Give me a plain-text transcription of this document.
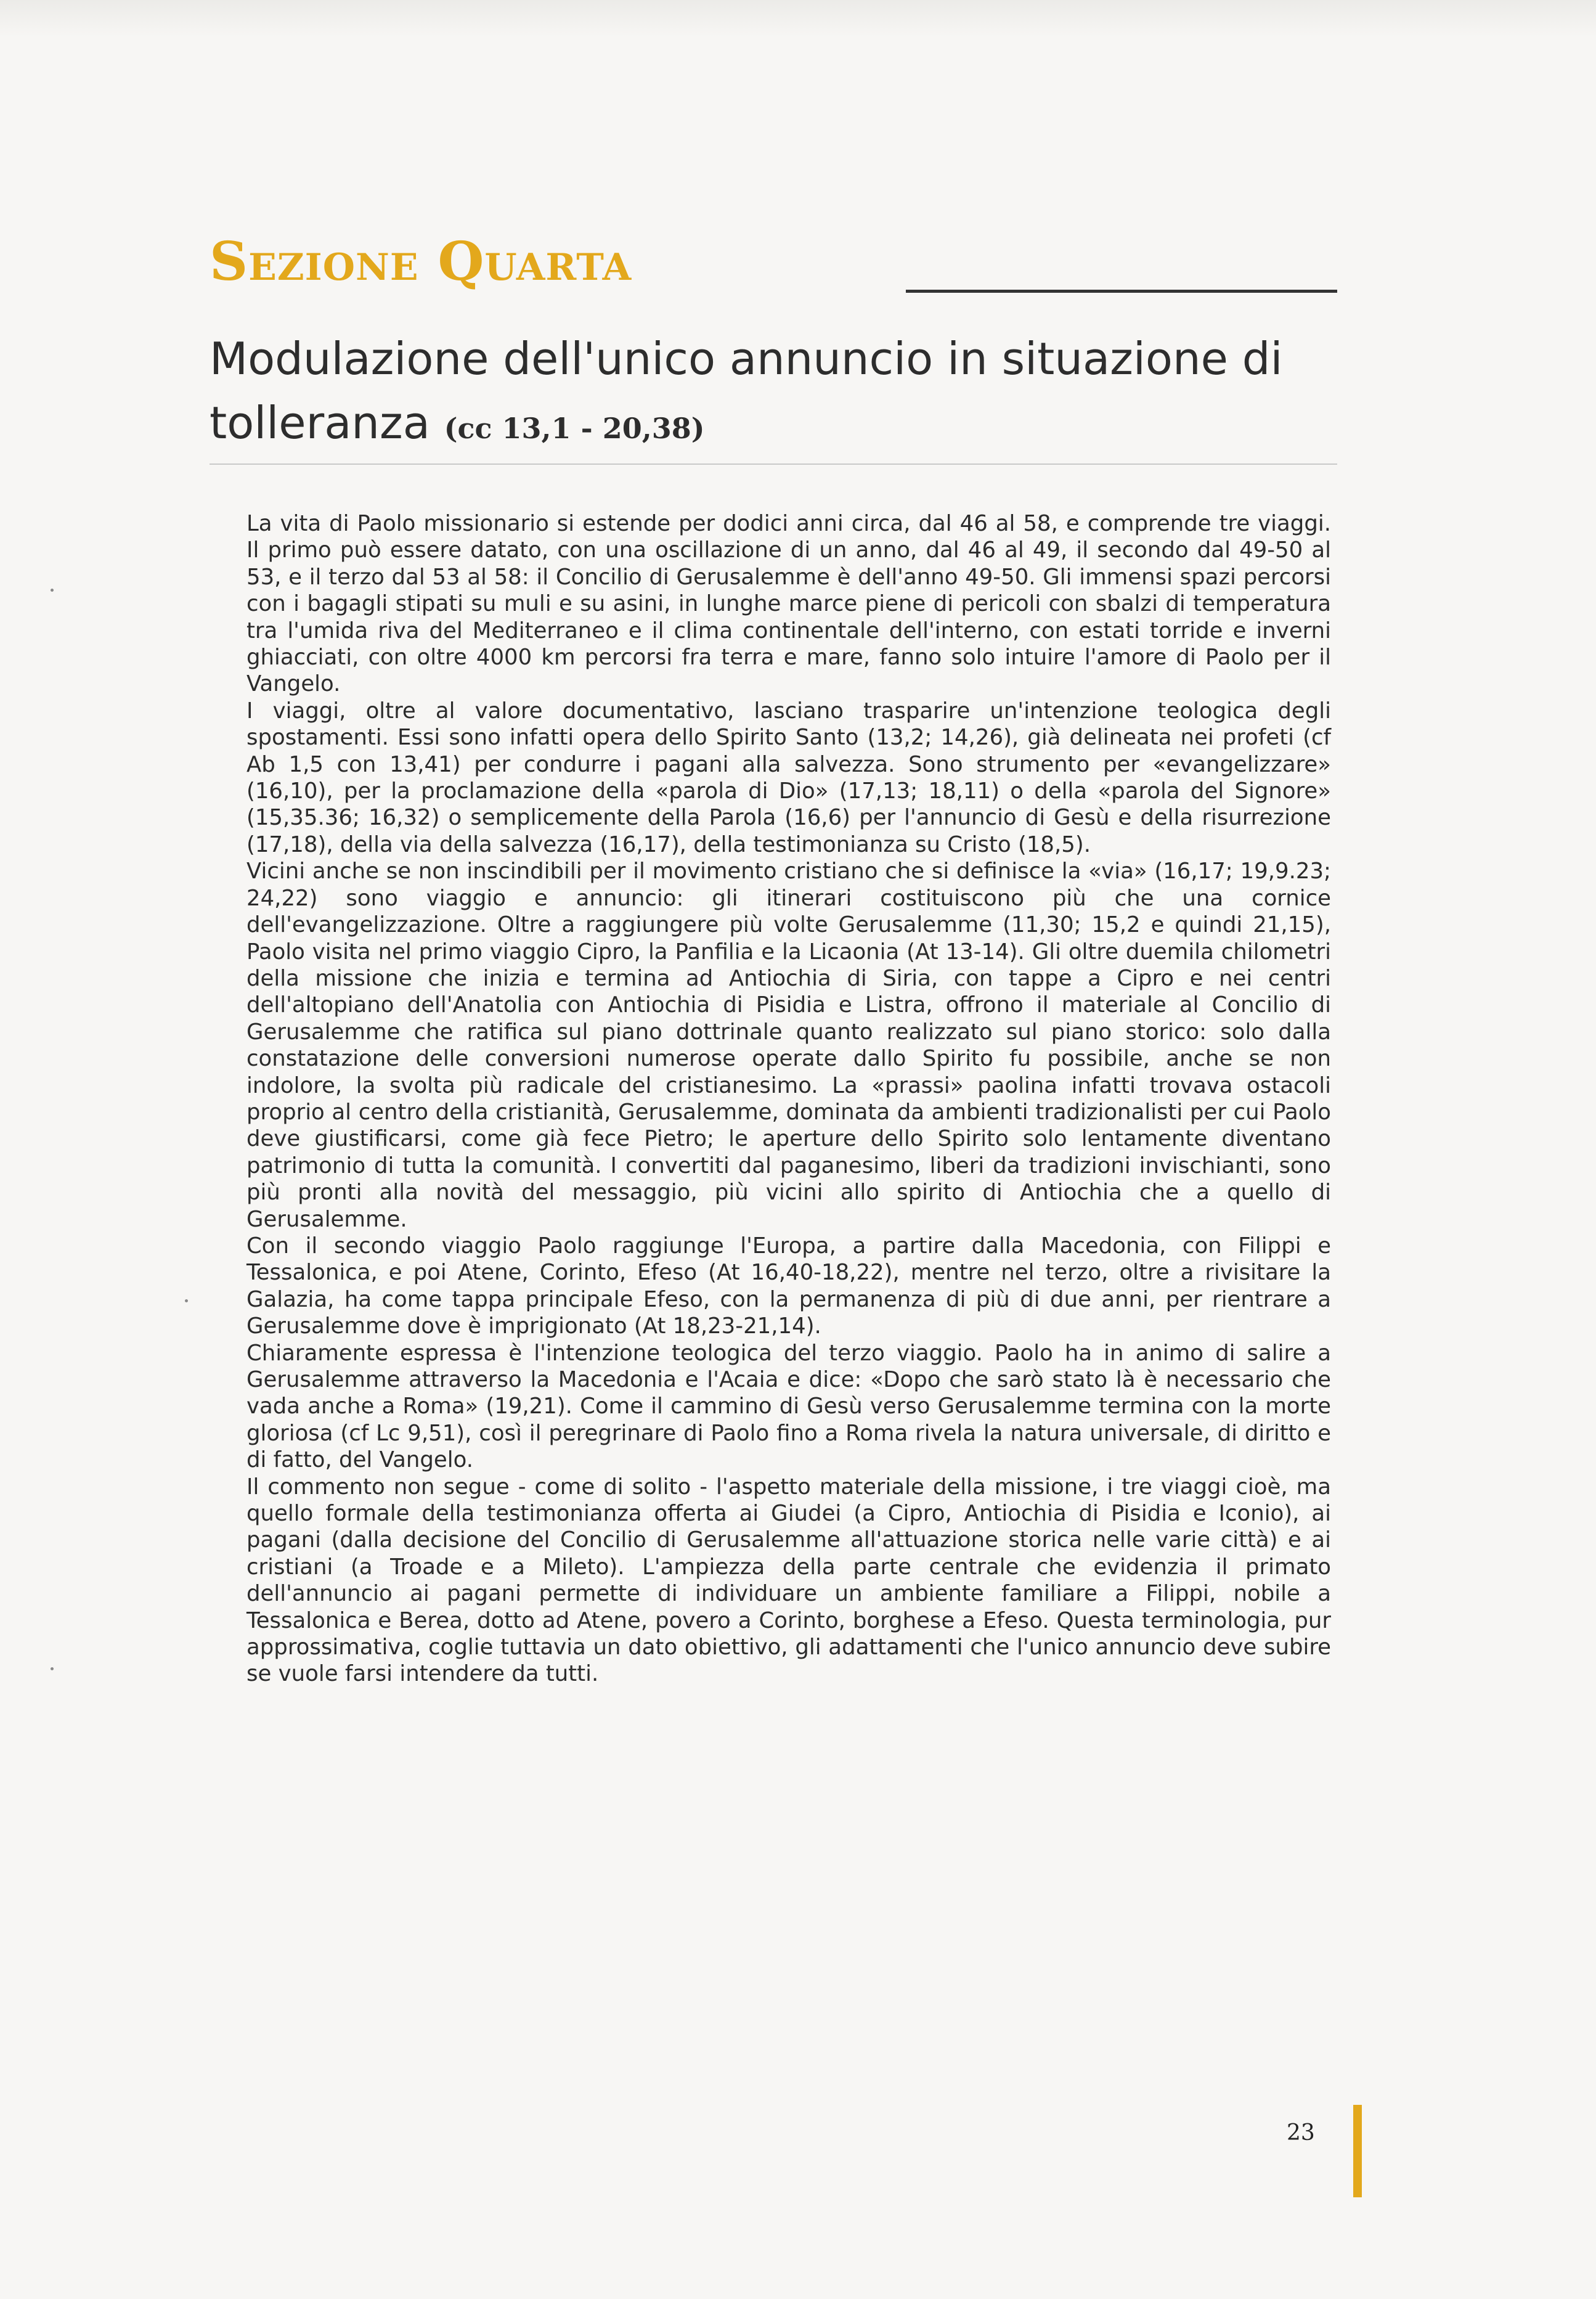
Sezione Quarta
Modulazione dell'unico annuncio in situazione di tolleranza (cc 13,1 - 20,38)

La vita di Paolo missionario si estende per dodici anni circa, dal 46 al 58, e comprende tre viaggi. Il primo può essere datato, con una oscillazione di un anno, dal 46 al 49, il secondo dal 49-50 al 53, e il terzo dal 53 al 58: il Concilio di Gerusalemme è dell'anno 49-50. Gli immensi spazi percorsi con i bagagli stipati su muli e su asini, in lunghe marce piene di pericoli con sbalzi di temperatura tra l'umida riva del Mediterraneo e il clima continentale dell'interno, con estati torride e inverni ghiacciati, con oltre 4000 km percorsi fra terra e mare, fanno solo intuire l'amore di Paolo per il Vangelo.

I viaggi, oltre al valore documentativo, lasciano trasparire un'intenzione teologica degli spostamenti. Essi sono infatti opera dello Spirito Santo (13,2; 14,26), già delineata nei profeti (cf Ab 1,5 con 13,41) per condurre i pagani alla salvezza. Sono strumento per «evangelizzare» (16,10), per la proclamazione della «parola di Dio» (17,13; 18,11) o della «parola del Signore» (15,35.36; 16,32) o semplicemente della Parola (16,6) per l'annuncio di Gesù e della risurrezione (17,18), della via della salvezza (16,17), della testimonianza su Cristo (18,5).

Vicini anche se non inscindibili per il movimento cristiano che si definisce la «via» (16,17; 19,9.23; 24,22) sono viaggio e annuncio: gli itinerari costituiscono più che una cornice dell'evangelizzazione. Oltre a raggiungere più volte Gerusalemme (11,30; 15,2 e quindi 21,15), Paolo visita nel primo viaggio Cipro, la Panfilia e la Licaonia (At 13-14). Gli oltre duemila chilometri della missione che inizia e termina ad Antiochia di Siria, con tappe a Cipro e nei centri dell'altopiano dell'Anatolia con Antiochia di Pisidia e Listra, offrono il materiale al Concilio di Gerusalemme che ratifica sul piano dottrinale quanto realizzato sul piano storico: solo dalla constatazione delle conversioni numerose operate dallo Spirito fu possibile, anche se non indolore, la svolta più radicale del cristianesimo. La «prassi» paolina infatti trovava ostacoli proprio al centro della cristianità, Gerusalemme, dominata da ambienti tradizionalisti per cui Paolo deve giustificarsi, come già fece Pietro; le aperture dello Spirito solo lentamente diventano patrimonio di tutta la comunità. I convertiti dal paganesimo, liberi da tradizioni invischianti, sono più pronti alla novità del messaggio, più vicini allo spirito di Antiochia che a quello di Gerusalemme.

Con il secondo viaggio Paolo raggiunge l'Europa, a partire dalla Macedonia, con Filippi e Tessalonica, e poi Atene, Corinto, Efeso (At 16,40-18,22), mentre nel terzo, oltre a rivisitare la Galazia, ha come tappa principale Efeso, con la permanenza di più di due anni, per rientrare a Gerusalemme dove è imprigionato (At 18,23-21,14).

Chiaramente espressa è l'intenzione teologica del terzo viaggio. Paolo ha in animo di salire a Gerusalemme attraverso la Macedonia e l'Acaia e dice: «Dopo che sarò stato là è necessario che vada anche a Roma» (19,21). Come il cammino di Gesù verso Gerusalemme termina con la morte gloriosa (cf Lc 9,51), così il peregrinare di Paolo fino a Roma rivela la natura universale, di diritto e di fatto, del Vangelo.

Il commento non segue - come di solito - l'aspetto materiale della missione, i tre viaggi cioè, ma quello formale della testimonianza offerta ai Giudei (a Cipro, Antiochia di Pisidia e Iconio), ai pagani (dalla decisione del Concilio di Gerusalemme all'attuazione storica nelle varie città) e ai cristiani (a Troade e a Mileto). L'ampiezza della parte centrale che evidenzia il primato dell'annuncio ai pagani permette di individuare un ambiente familiare a Filippi, nobile a Tessalonica e Berea, dotto ad Atene, povero a Corinto, borghese a Efeso. Questa terminologia, pur approssimativa, coglie tuttavia un dato obiettivo, gli adattamenti che l'unico annuncio deve subire se vuole farsi intendere da tutti.

23
